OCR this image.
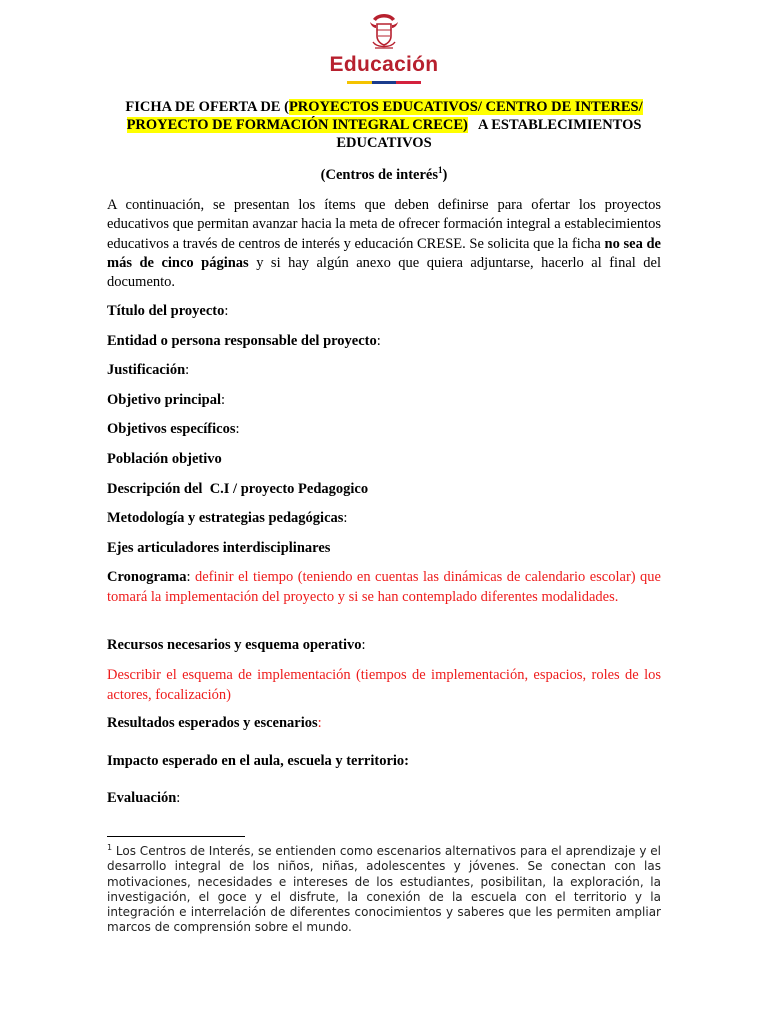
Educación
FICHA DE OFERTA DE (PROYECTOS EDUCATIVOS/ CENTRO DE INTERES/ PROYECTO DE FORMACIÓN INTEGRAL CRECE) A ESTABLECIMIENTOS EDUCATIVOS
(Centros de interés$^1$)
A continuación, se presentan los ítems que deben definirse para ofertar los proyectos educativos que permitan avanzar hacia la meta de ofrecer formación integral a establecimientos educativos a través de centros de interés y educación CRESE. Se solicita que la ficha no sea de más de cinco páginas y si hay algún anexo que quiera adjuntarse, hacerlo al final del documento.
Título del proyecto:
Entidad o persona responsable del proyecto:
Justificación:
Objetivo principal:
Objetivos específicos:
Población objetivo
Descripción del  C.I / proyecto Pedagogico
Metodología y estrategias pedagógicas:
Ejes articuladores interdisciplinares
Cronograma: definir el tiempo (teniendo en cuentas las dinámicas de calendario escolar) que tomará la implementación del proyecto y si se han contemplado diferentes modalidades.
Recursos necesarios y esquema operativo:
Describir el esquema de implementación (tiempos de implementación, espacios, roles de los actores, focalización)
Resultados esperados y escenarios:
Impacto esperado en el aula, escuela y territorio:
Evaluación:
$^1$ Los Centros de Interés, se entienden como escenarios alternativos para el aprendizaje y el desarrollo integral de los niños, niñas, adolescentes y jóvenes. Se conectan con las motivaciones, necesidades e intereses de los estudiantes, posibilitan, la exploración, la investigación, el goce y el disfrute, la conexión de la escuela con el territorio y la integración e interrelación de diferentes conocimientos y saberes que les permiten ampliar marcos de comprensión sobre el mundo.
